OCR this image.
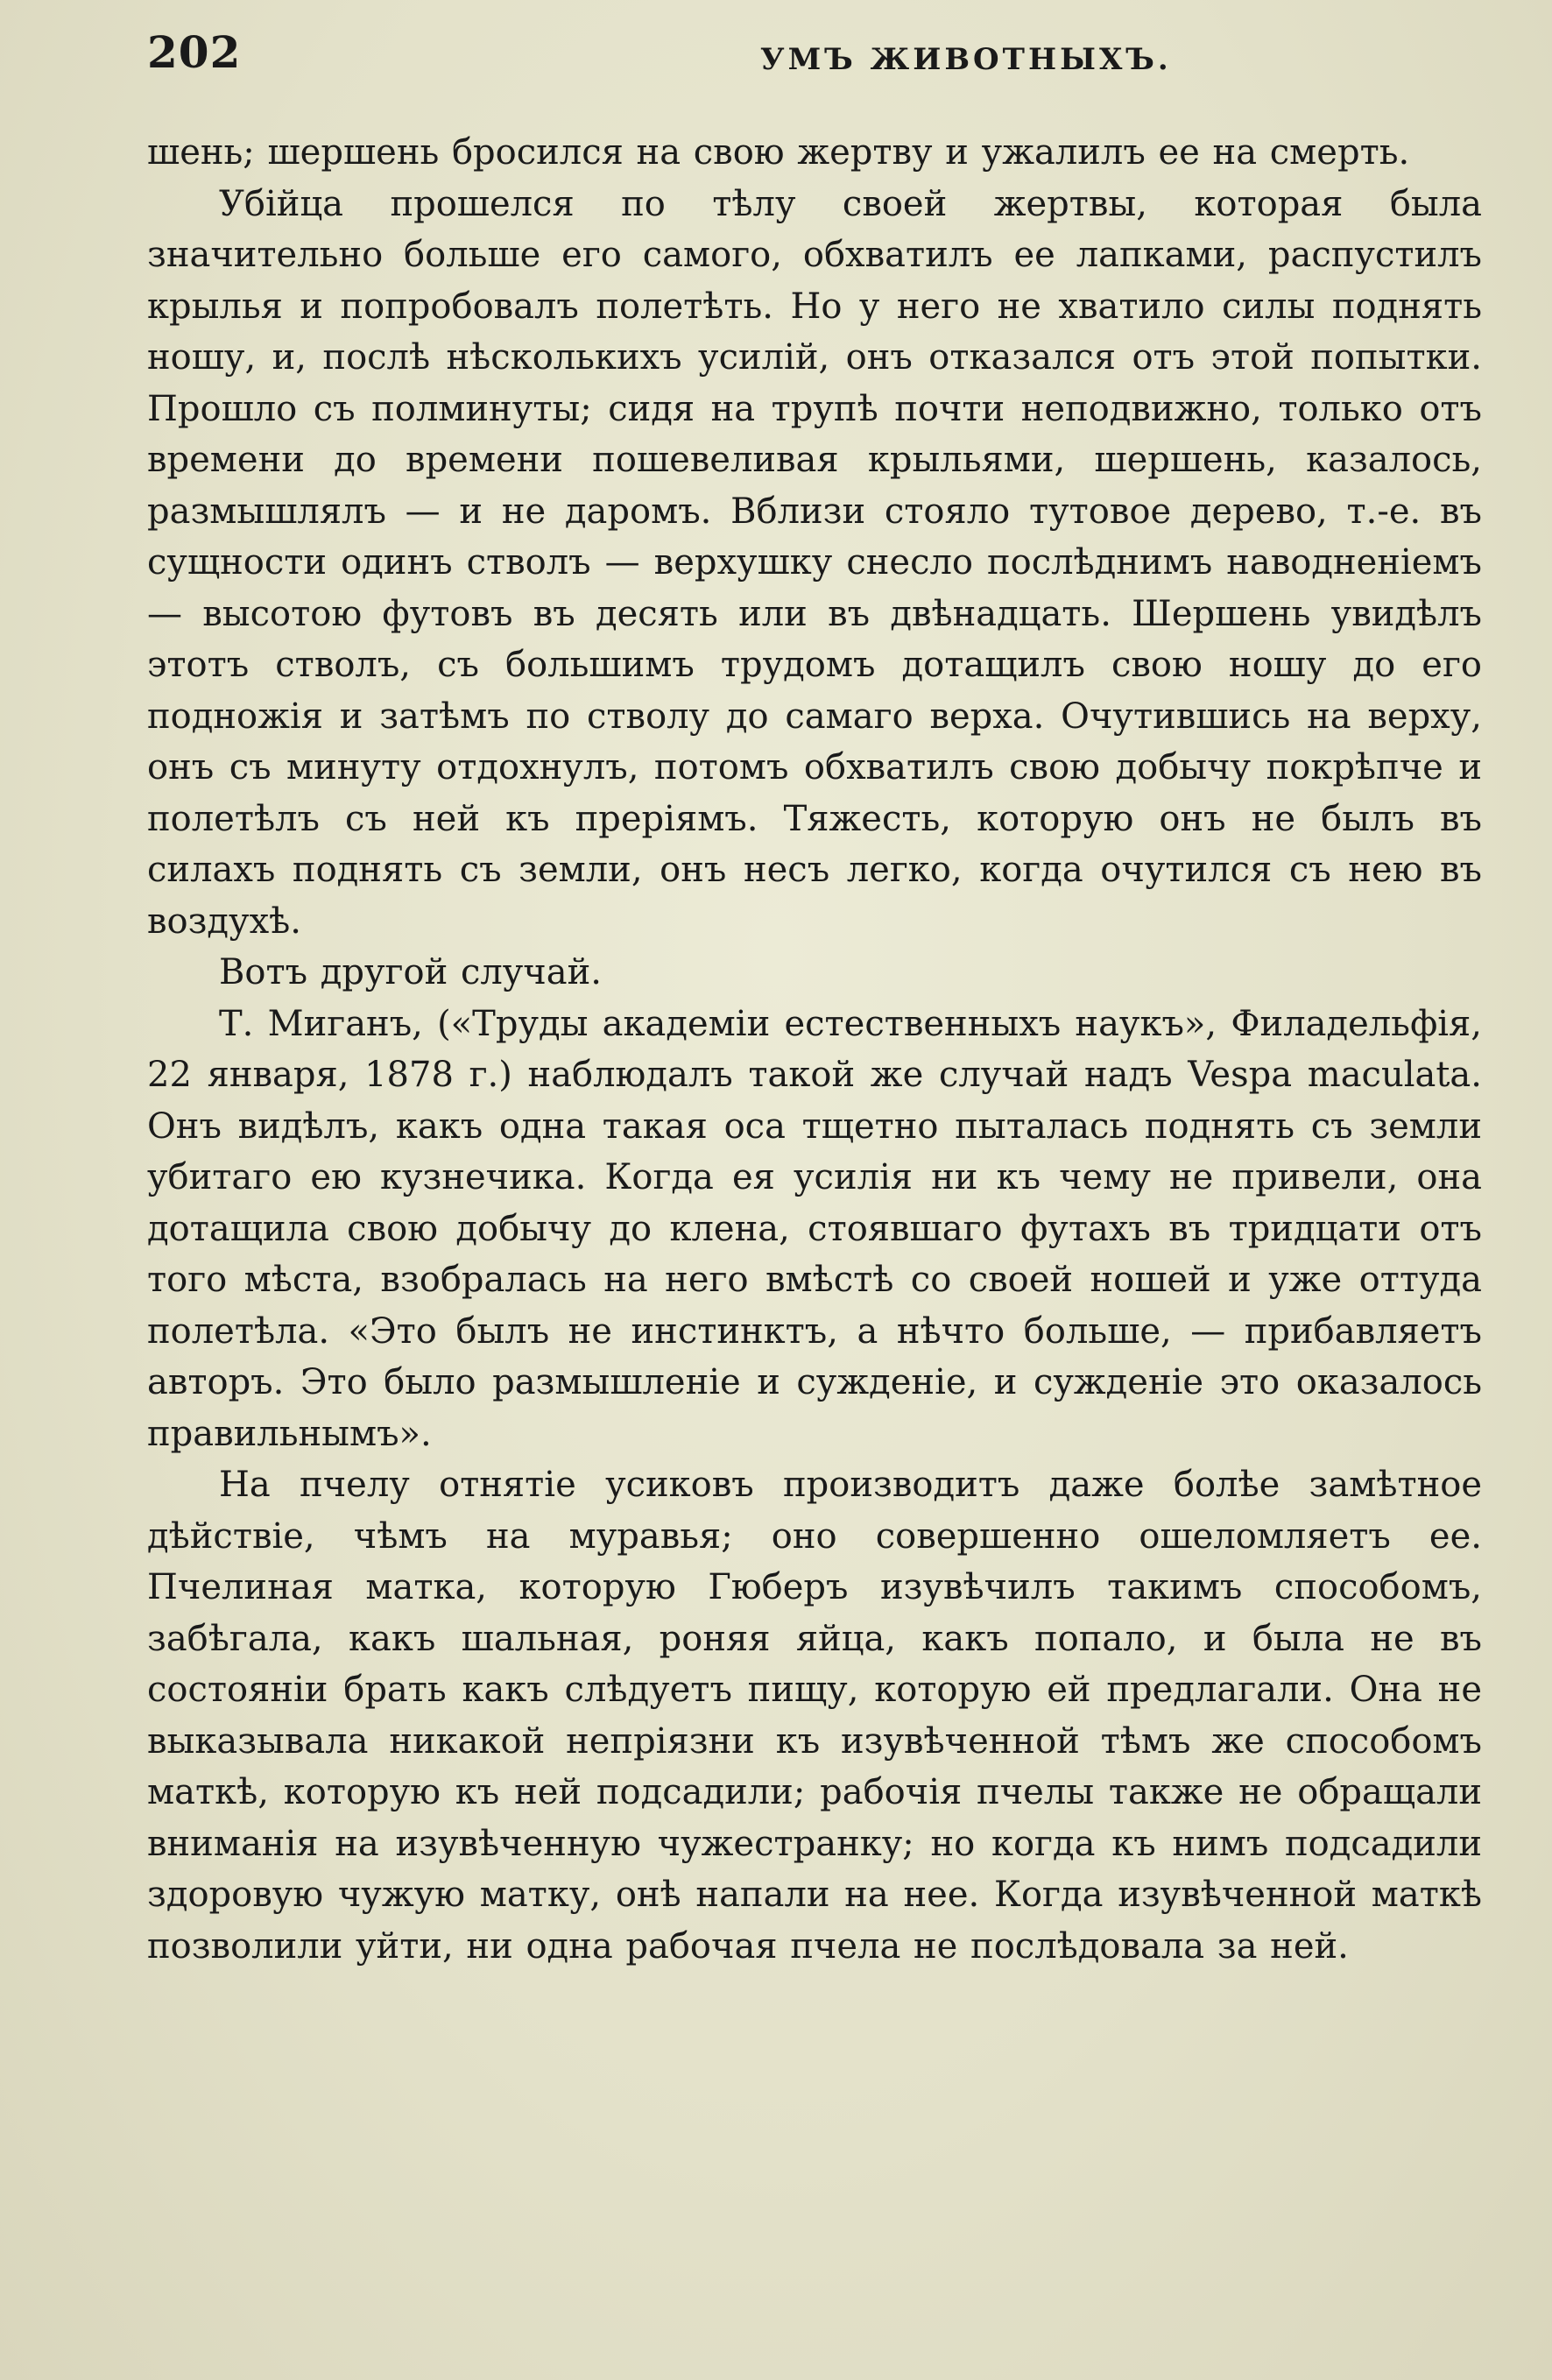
202	УМЪ ЖИВОТНЫХЪ.

шень; шершень бросился на свою жертву и ужалилъ ее на смерть.

Убійца прошелся по тѣлу своей жертвы, которая была значительно больше его самого, обхватилъ ее лапками, распустилъ крылья и попробовалъ полетѣть. Но у него не хватило силы поднять ношу, и, послѣ нѣсколькихъ усилій, онъ отказался отъ этой попытки. Прошло съ полминуты; сидя на трупѣ почти неподвижно, только отъ времени до времени пошевеливая крыльями, шершень, казалось, размышлялъ — и не даромъ. Вблизи стояло тутовое дерево, т.-е. въ сущности одинъ стволъ — верхушку снесло послѣднимъ наводненіемъ — высотою футовъ въ десять или въ двѣнадцать. Шершень увидѣлъ этотъ стволъ, съ большимъ трудомъ дотащилъ свою ношу до его подножія и затѣмъ по стволу до самаго верха. Очутившись на верху, онъ съ минуту отдохнулъ, потомъ обхватилъ свою добычу покрѣпче и полетѣлъ съ ней къ преріямъ. Тяжесть, которую онъ не былъ въ силахъ поднять съ земли, онъ несъ легко, когда очутился съ нею въ воздухѣ.

Вотъ другой случай.

Т. Миганъ, («Труды академіи естественныхъ наукъ», Филадельфія, 22 января, 1878 г.) наблюдалъ такой же случай надъ Vespa maculata. Онъ видѣлъ, какъ одна такая оса тщетно пыталась поднять съ земли убитаго ею кузнечика. Когда ея усилія ни къ чему не привели, она дотащила свою добычу до клена, стоявшаго футахъ въ тридцати отъ того мѣста, взобралась на него вмѣстѣ со своей ношей и уже оттуда полетѣла. «Это былъ не инстинктъ, а нѣчто больше, — прибавляетъ авторъ. Это было размышленіе и сужденіе, и сужденіе это оказалось правильнымъ».

На пчелу отнятіе усиковъ производитъ даже болѣе замѣтное дѣйствіе, чѣмъ на муравья; оно совершенно ошеломляетъ ее. Пчелиная матка, которую Гюберъ изувѣчилъ такимъ способомъ, забѣгала, какъ шальная, роняя яйца, какъ попало, и была не въ состояніи брать какъ слѣдуетъ пищу, которую ей предлагали. Она не выказывала никакой непріязни къ изувѣченной тѣмъ же способомъ маткѣ, которую къ ней подсадили; рабочія пчелы также не обращали вниманія на изувѣченную чужестранку; но когда къ нимъ подсадили здоровую чужую матку, онѣ напали на нее. Когда изувѣченной маткѣ позволили уйти, ни одна рабочая пчела не послѣдовала за ней.
